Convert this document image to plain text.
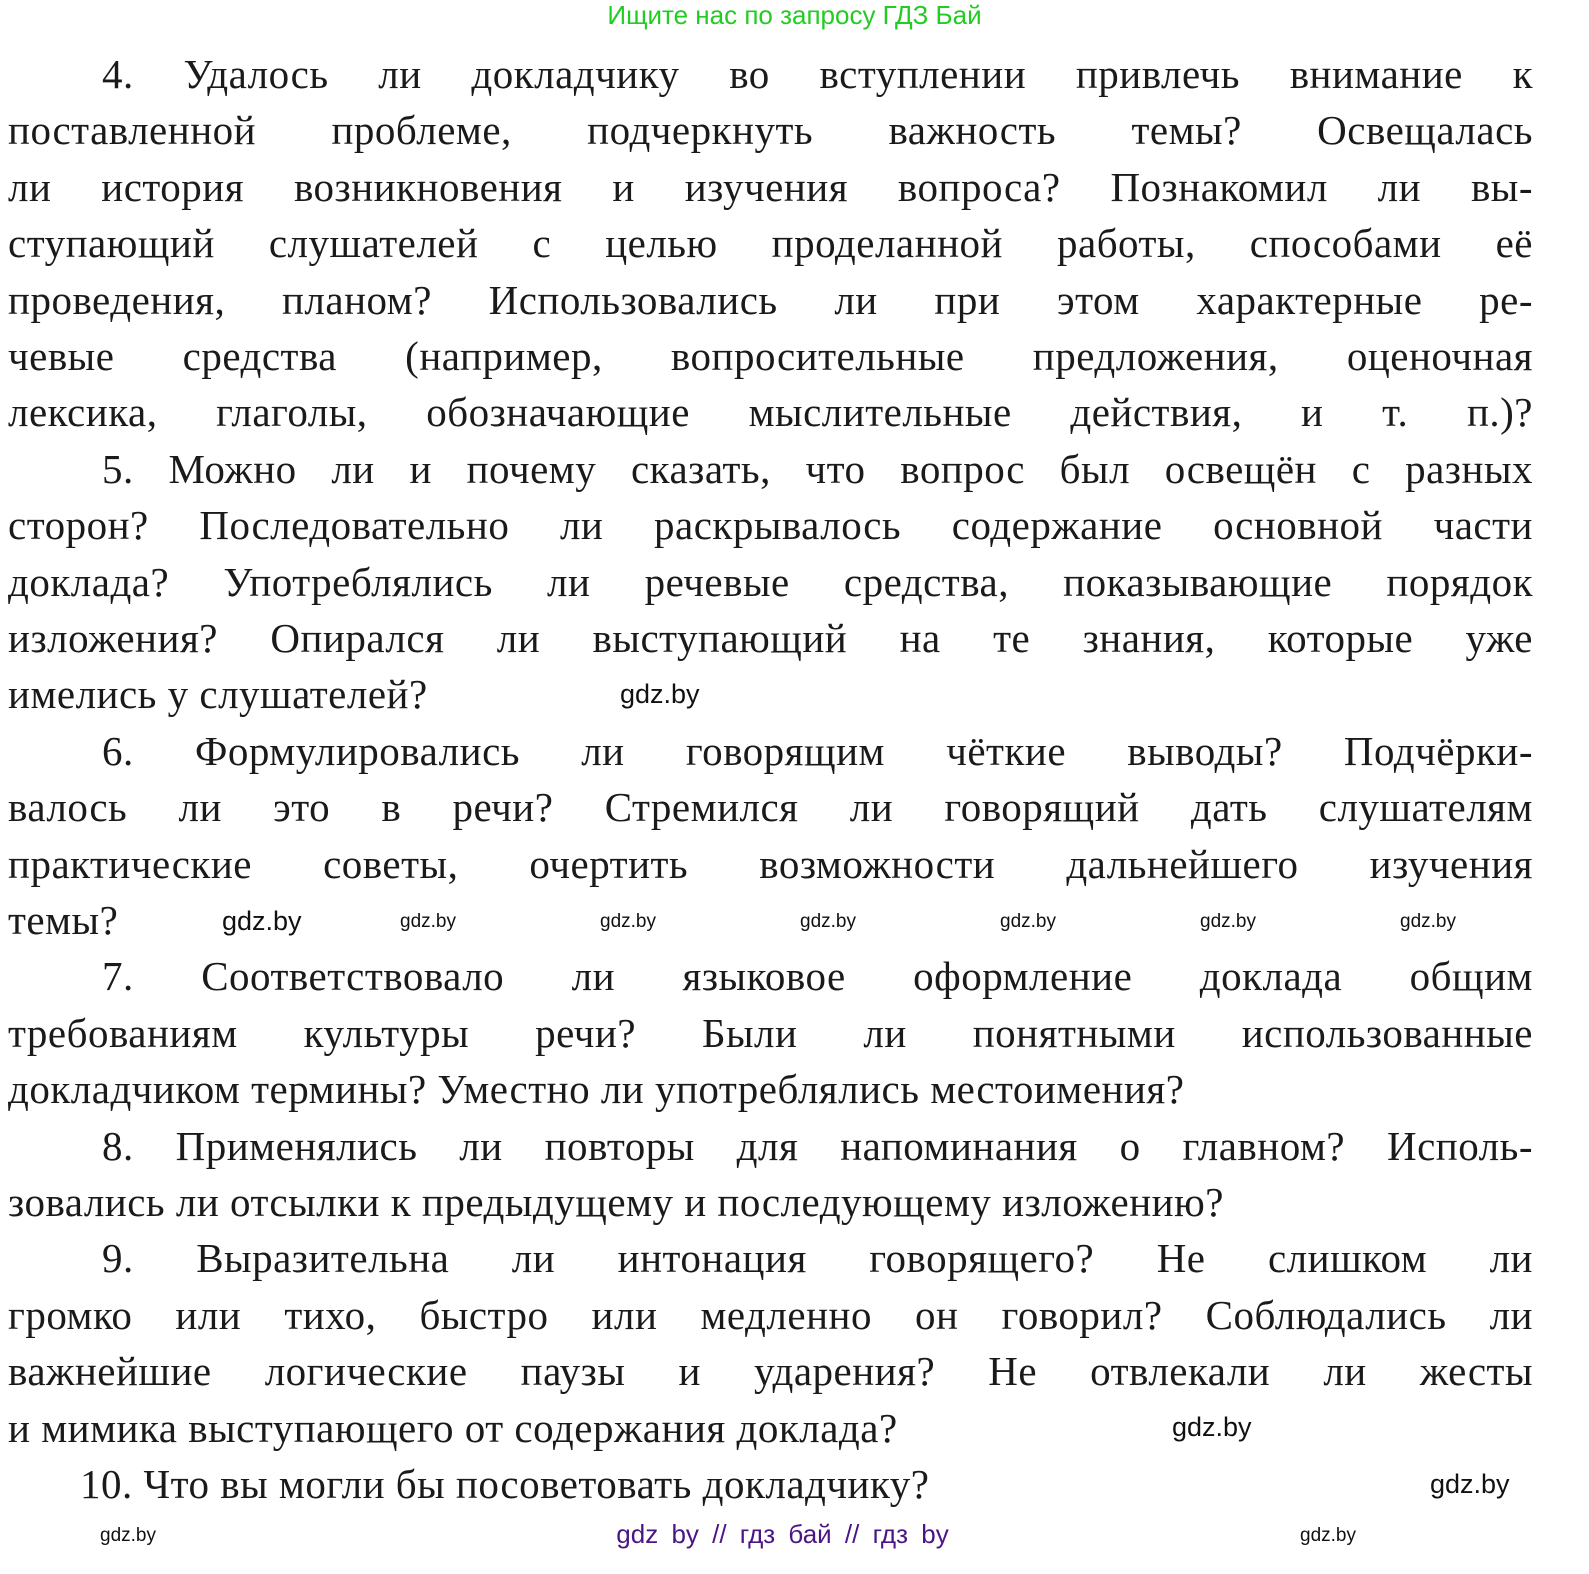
Ищите нас по запросу ГДЗ Бай
4. Удалось ли докладчику во вступлении привлечь внимание к
поставленной проблеме, подчеркнуть важность темы? Освещалась
ли история возникновения и изучения вопроса? Познакомил ли вы-
ступающий слушателей с целью проделанной работы, способами её
проведения, планом? Использовались ли при этом характерные ре-
чевые средства (например, вопросительные предложения, оценочная
лексика, глаголы, обозначающие мыслительные действия, и т. п.)?
5. Можно ли и почему сказать, что вопрос был освещён с разных
сторон? Последовательно ли раскрывалось содержание основной части
доклада? Употреблялись ли речевые средства, показывающие порядок
изложения? Опирался ли выступающий на те знания, которые уже
имелись у слушателей?
6. Формулировались ли говорящим чёткие выводы? Подчёрки-
валось ли это в речи? Стремился ли говорящий дать слушателям
практические советы, очертить возможности дальнейшего изучения
темы?
7. Соответствовало ли языковое оформление доклада общим
требованиям культуры речи? Были ли понятными использованные
докладчиком термины? Уместно ли употреблялись местоимения?
8. Применялись ли повторы для напоминания о главном? Исполь-
зовались ли отсылки к предыдущему и последующему изложению?
9. Выразительна ли интонация говорящего? Не слишком ли
громко или тихо, быстро или медленно он говорил? Соблюдались ли
важнейшие логические паузы и ударения? Не отвлекали ли жесты
и мимика выступающего от содержания доклада?
10. Что вы могли бы посоветовать докладчику?
gdz.by	gdz.by	gdz.by	gdz.by	gdz.by	gdz.by
gdz.by	gdz.by
gdz.by
gdz.by
gdz.by
gdz.by
gdz by // гдз бай // гдз by
